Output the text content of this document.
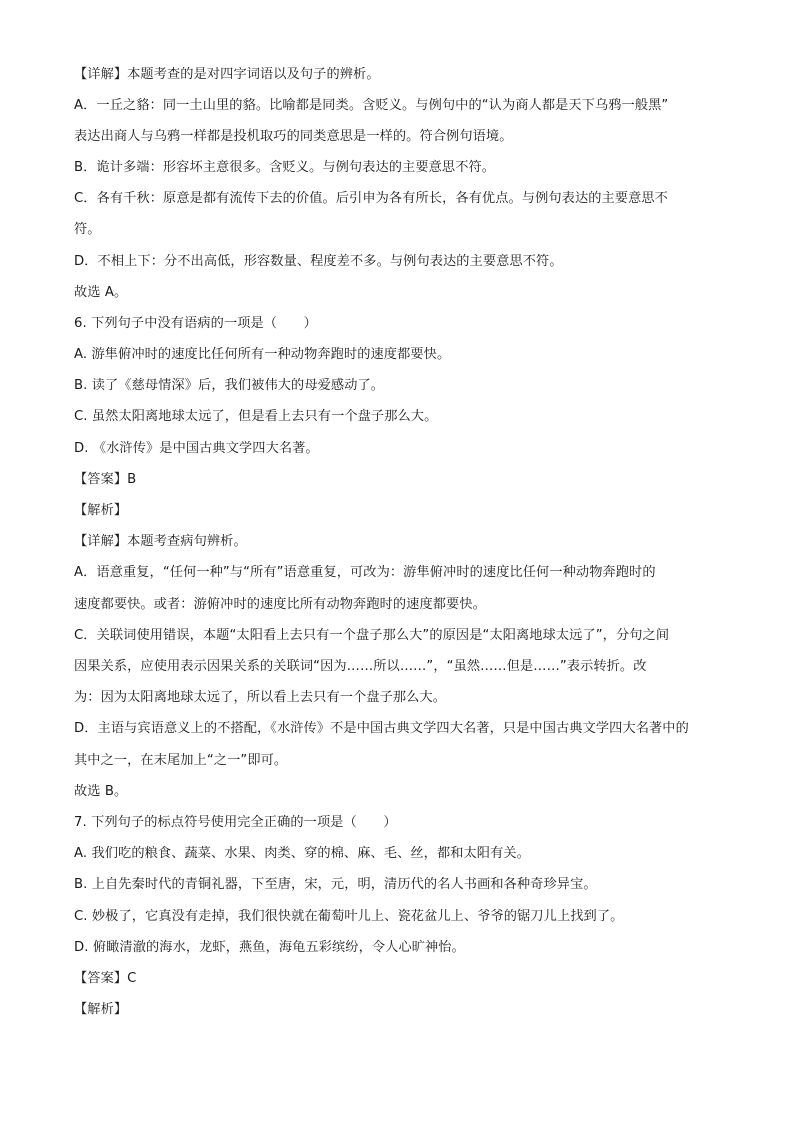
【详解】本题考查的是对四字词语以及句子的辨析。
A．一丘之貉：同一土山里的貉。比喻都是同类。含贬义。与例句中的“认为商人都是天下乌鸦一般黑”
表达出商人与乌鸦一样都是投机取巧的同类意思是一样的。符合例句语境。
B．诡计多端：形容坏主意很多。含贬义。与例句表达的主要意思不符。
C．各有千秋：原意是都有流传下去的价值。后引申为各有所长，各有优点。与例句表达的主要意思不
符。
D．不相上下：分不出高低，形容数量、程度差不多。与例句表达的主要意思不符。
故选 A。
6. 下列句子中没有语病的一项是（　　）
A. 游隼俯冲时的速度比任何所有一种动物奔跑时的速度都要快。
B. 读了《慈母情深》后，我们被伟大的母爱感动了。
C. 虽然太阳离地球太远了，但是看上去只有一个盘子那么大。
D. 《水浒传》是中国古典文学四大名著。
【答案】B
【解析】
【详解】本题考查病句辨析。
A．语意重复，“任何一种”与“所有”语意重复，可改为：游隼俯冲时的速度比任何一种动物奔跑时的
速度都要快。或者：游俯冲时的速度比所有动物奔跑时的速度都要快。
C．关联词使用错误，本题“太阳看上去只有一个盘子那么大”的原因是“太阳离地球太远了”，分句之间
因果关系，应使用表示因果关系的关联词“因为……所以……”，“虽然……但是……”表示转折。改
为：因为太阳离地球太远了，所以看上去只有一个盘子那么大。
D．主语与宾语意义上的不搭配，《水浒传》不是中国古典文学四大名著，只是中国古典文学四大名著中的
其中之一，在末尾加上“之一”即可。
故选 B。
7. 下列句子的标点符号使用完全正确的一项是（　　）
A. 我们吃的粮食、蔬菜、水果、肉类、穿的棉、麻、毛、丝，都和太阳有关。
B. 上自先秦时代的青铜礼器，下至唐，宋，元，明，清历代的名人书画和各种奇珍异宝。
C. 妙极了，它真没有走掉，我们很快就在葡萄叶儿上、瓷花盆儿上、爷爷的锯刀儿上找到了。
D. 俯瞰清澈的海水，龙虾，燕鱼，海龟五彩缤纷，令人心旷神怡。
【答案】C
【解析】
